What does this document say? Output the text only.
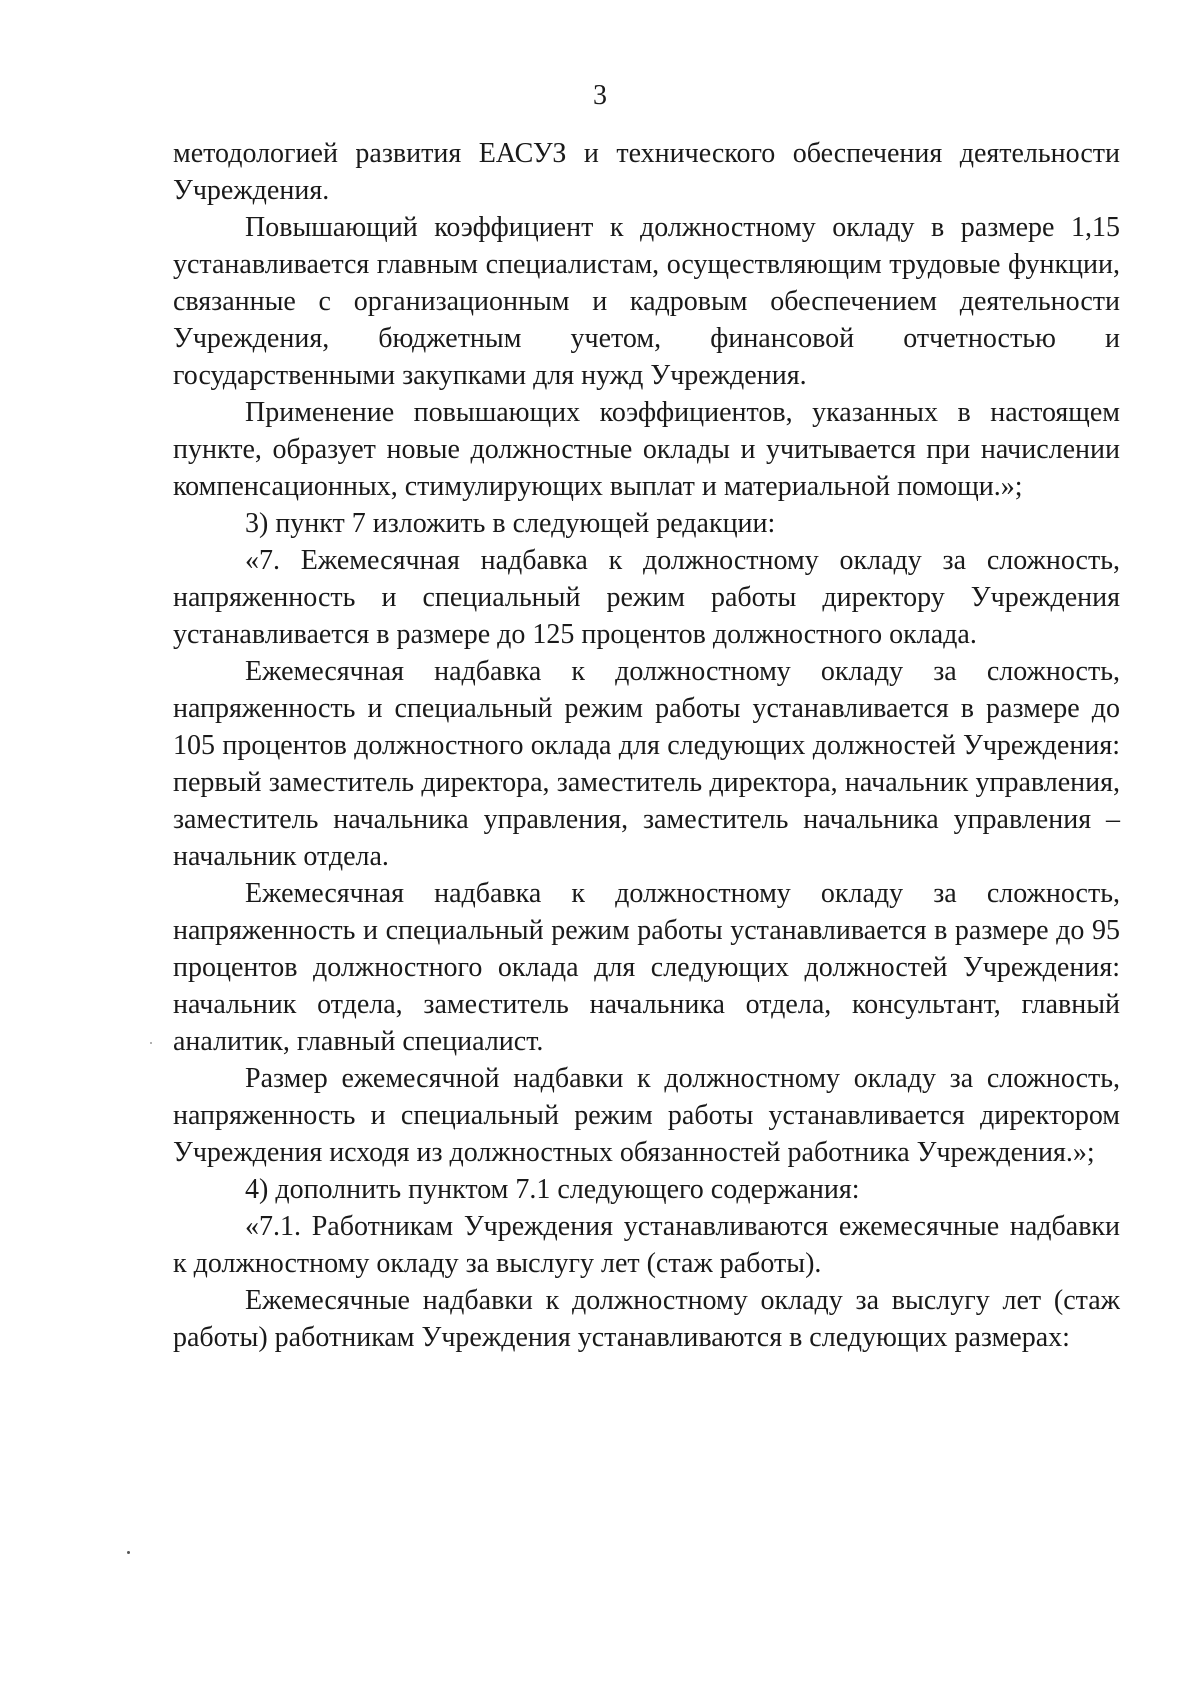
3

методологией развития ЕАСУЗ и технического обеспечения деятельности Учреждения.

Повышающий коэффициент к должностному окладу в размере 1,15 устанавливается главным специалистам, осуществляющим трудовые функции, связанные с организационным и кадровым обеспечением деятельности Учреждения, бюджетным учетом, финансовой отчетностью и государственными закупками для нужд Учреждения.

Применение повышающих коэффициентов, указанных в настоящем пункте, образует новые должностные оклады и учитывается при начислении компенсационных, стимулирующих выплат и материальной помощи.»;

3) пункт 7 изложить в следующей редакции:

«7. Ежемесячная надбавка к должностному окладу за сложность, напряженность и специальный режим работы директору Учреждения устанавливается в размере до 125 процентов должностного оклада.

Ежемесячная надбавка к должностному окладу за сложность, напряженность и специальный режим работы устанавливается в размере до 105 процентов должностного оклада для следующих должностей Учреждения: первый заместитель директора, заместитель директора, начальник управления, заместитель начальника управления, заместитель начальника управления – начальник отдела.

Ежемесячная надбавка к должностному окладу за сложность, напряженность и специальный режим работы устанавливается в размере до 95 процентов должностного оклада для следующих должностей Учреждения: начальник отдела, заместитель начальника отдела, консультант, главный аналитик, главный специалист.

Размер ежемесячной надбавки к должностному окладу за сложность, напряженность и специальный режим работы устанавливается директором Учреждения исходя из должностных обязанностей работника Учреждения.»;

4) дополнить пунктом 7.1 следующего содержания:

«7.1. Работникам Учреждения устанавливаются ежемесячные надбавки к должностному окладу за выслугу лет (стаж работы).

Ежемесячные надбавки к должностному окладу за выслугу лет (стаж работы) работникам Учреждения устанавливаются в следующих размерах:
